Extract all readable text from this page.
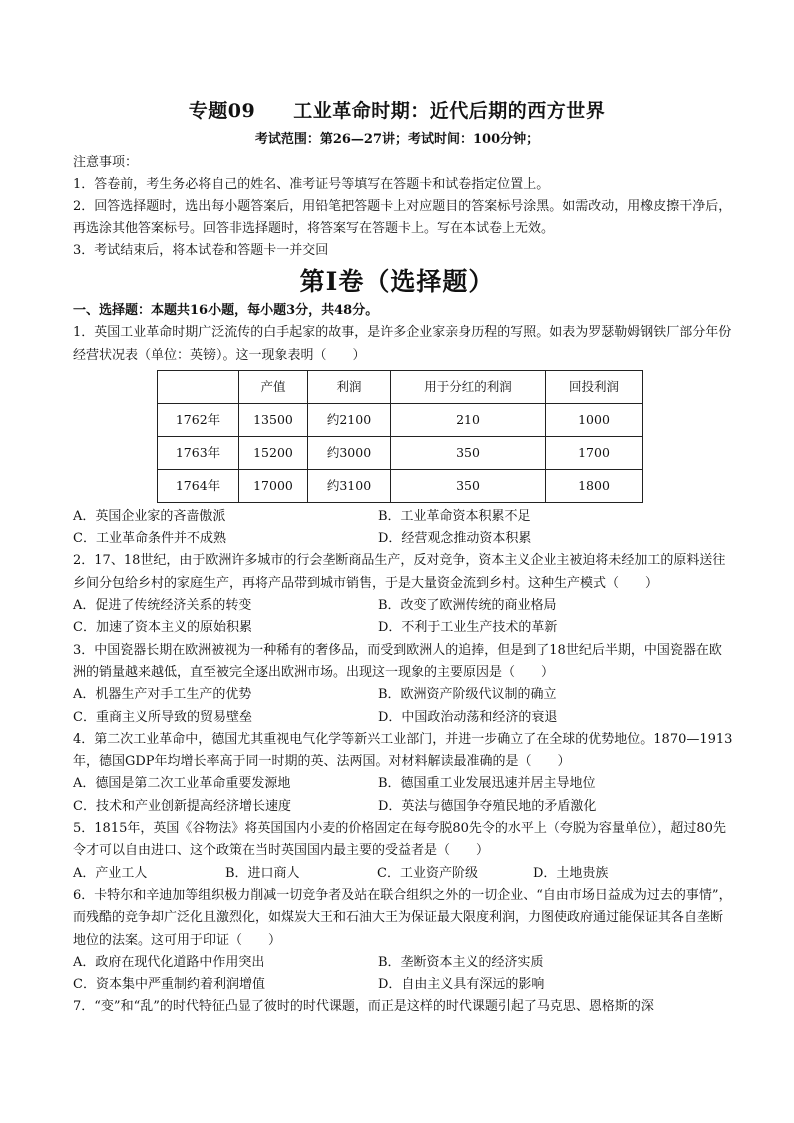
专题09 工业革命时期：近代后期的西方世界
考试范围：第26—27讲；考试时间：100分钟；
注意事项：
1．答卷前，考生务必将自己的姓名、准考证号等填写在答题卡和试卷指定位置上。
2．回答选择题时，选出每小题答案后，用铅笔把答题卡上对应题目的答案标号涂黑。如需改动，用橡皮擦干净后，再选涂其他答案标号。回答非选择题时，将答案写在答题卡上。写在本试卷上无效。
3．考试结束后，将本试卷和答题卡一并交回
第I卷（选择题）
一、选择题：本题共16小题，每小题3分，共48分。
1．英国工业革命时期广泛流传的白手起家的故事，是许多企业家亲身历程的写照。如表为罗瑟勒姆钢铁厂部分年份经营状况表（单位：英镑）。这一现象表明（　　）
	产值	利润	用于分红的利润	回投利润
1762年	13500	约2100	210	1000
1763年	15200	约3000	350	1700
1764年	17000	约3100	350	1800
A．英国企业家的吝啬傲派	B．工业革命资本积累不足
C．工业革命条件并不成熟	D．经营观念推动资本积累
2．17、18世纪，由于欧洲许多城市的行会垄断商品生产，反对竞争，资本主义企业主被迫将未经加工的原料送往乡间分包给乡村的家庭生产，再将产品带到城市销售，于是大量资金流到乡村。这种生产模式（　　）
A．促进了传统经济关系的转变	B．改变了欧洲传统的商业格局
C．加速了资本主义的原始积累	D．不利于工业生产技术的革新
3．中国瓷器长期在欧洲被视为一种稀有的奢侈品，而受到欧洲人的追捧，但是到了18世纪后半期，中国瓷器在欧洲的销量越来越低，直至被完全逐出欧洲市场。出现这一现象的主要原因是（　　）
A．机器生产对手工生产的优势	B．欧洲资产阶级代议制的确立
C．重商主义所导致的贸易壁垒	D．中国政治动荡和经济的衰退
4．第二次工业革命中，德国尤其重视电气化学等新兴工业部门，并进一步确立了在全球的优势地位。1870—1913年，德国GDP年均增长率高于同一时期的英、法两国。对材料解读最准确的是（　　）
A．德国是第二次工业革命重要发源地	B．德国重工业发展迅速并居主导地位
C．技术和产业创新提高经济增长速度	D．英法与德国争夺殖民地的矛盾激化
5．1815年，英国《谷物法》将英国国内小麦的价格固定在每夸脱80先令的水平上（夸脱为容量单位），超过80先令才可以自由进口、这个政策在当时英国国内最主要的受益者是（　　）
A．产业工人	B．进口商人	C．工业资产阶级	D．土地贵族
6．卡特尔和辛迪加等组织极力削减一切竞争者及站在联合组织之外的一切企业、“自由市场日益成为过去的事情”，而残酷的竞争却广泛化且激烈化，如煤炭大王和石油大王为保证最大限度利润，力图使政府通过能保证其各自垄断地位的法案。这可用于印证（　　）
A．政府在现代化道路中作用突出	B．垄断资本主义的经济实质
C．资本集中严重制约着利润增值	D．自由主义具有深远的影响
7．“变”和“乱”的时代特征凸显了彼时的时代课题，而正是这样的时代课题引起了马克思、恩格斯的深
